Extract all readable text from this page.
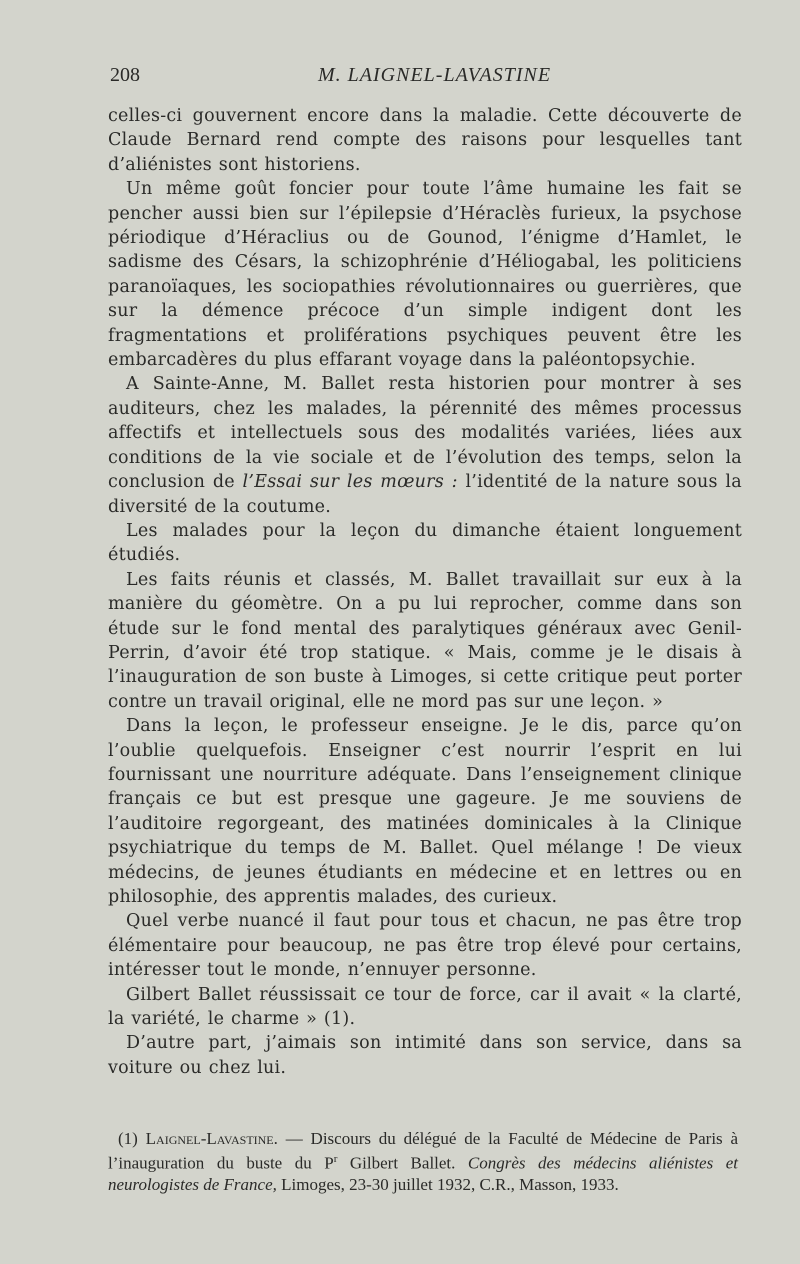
208	M. LAIGNEL-LAVASTINE

celles-ci gouvernent encore dans la maladie. Cette découverte de Claude Bernard rend compte des raisons pour lesquelles tant d’aliénistes sont historiens.

Un même goût foncier pour toute l’âme humaine les fait se pencher aussi bien sur l’épilepsie d’Héraclès furieux, la psychose périodique d’Héraclius ou de Gounod, l’énigme d’Hamlet, le sadisme des Césars, la schizophrénie d’Héliogabal, les politiciens paranoïaques, les sociopathies révolutionnaires ou guerrières, que sur la démence précoce d’un simple indigent dont les fragmentations et proliférations psychiques peuvent être les embarcadères du plus effarant voyage dans la paléontopsychie.

A Sainte-Anne, M. Ballet resta historien pour montrer à ses auditeurs, chez les malades, la pérennité des mêmes processus affectifs et intellectuels sous des modalités variées, liées aux conditions de la vie sociale et de l’évolution des temps, selon la conclusion de l’Essai sur les mœurs : l’identité de la nature sous la diversité de la coutume.

Les malades pour la leçon du dimanche étaient longuement étudiés.

Les faits réunis et classés, M. Ballet travaillait sur eux à la manière du géomètre. On a pu lui reprocher, comme dans son étude sur le fond mental des paralytiques généraux avec Genil-Perrin, d’avoir été trop statique. « Mais, comme je le disais à l’inauguration de son buste à Limoges, si cette critique peut porter contre un travail original, elle ne mord pas sur une leçon. »

Dans la leçon, le professeur enseigne. Je le dis, parce qu’on l’oublie quelquefois. Enseigner c’est nourrir l’esprit en lui fournissant une nourriture adéquate. Dans l’enseignement clinique français ce but est presque une gageure. Je me souviens de l’auditoire regorgeant, des matinées dominicales à la Clinique psychiatrique du temps de M. Ballet. Quel mélange ! De vieux médecins, de jeunes étudiants en médecine et en lettres ou en philosophie, des apprentis malades, des curieux.

Quel verbe nuancé il faut pour tous et chacun, ne pas être trop élémentaire pour beaucoup, ne pas être trop élevé pour certains, intéresser tout le monde, n’ennuyer personne.

Gilbert Ballet réussissait ce tour de force, car il avait « la clarté, la variété, le charme » (1).

D’autre part, j’aimais son intimité dans son service, dans sa voiture ou chez lui.

(1) Laignel-Lavastine. — Discours du délégué de la Faculté de Médecine de Paris à l’inauguration du buste du $P^r$ Gilbert Ballet. Congrès des médecins aliénistes et neurologistes de France, Limoges, 23-30 juillet 1932, C.R., Masson, 1933.
